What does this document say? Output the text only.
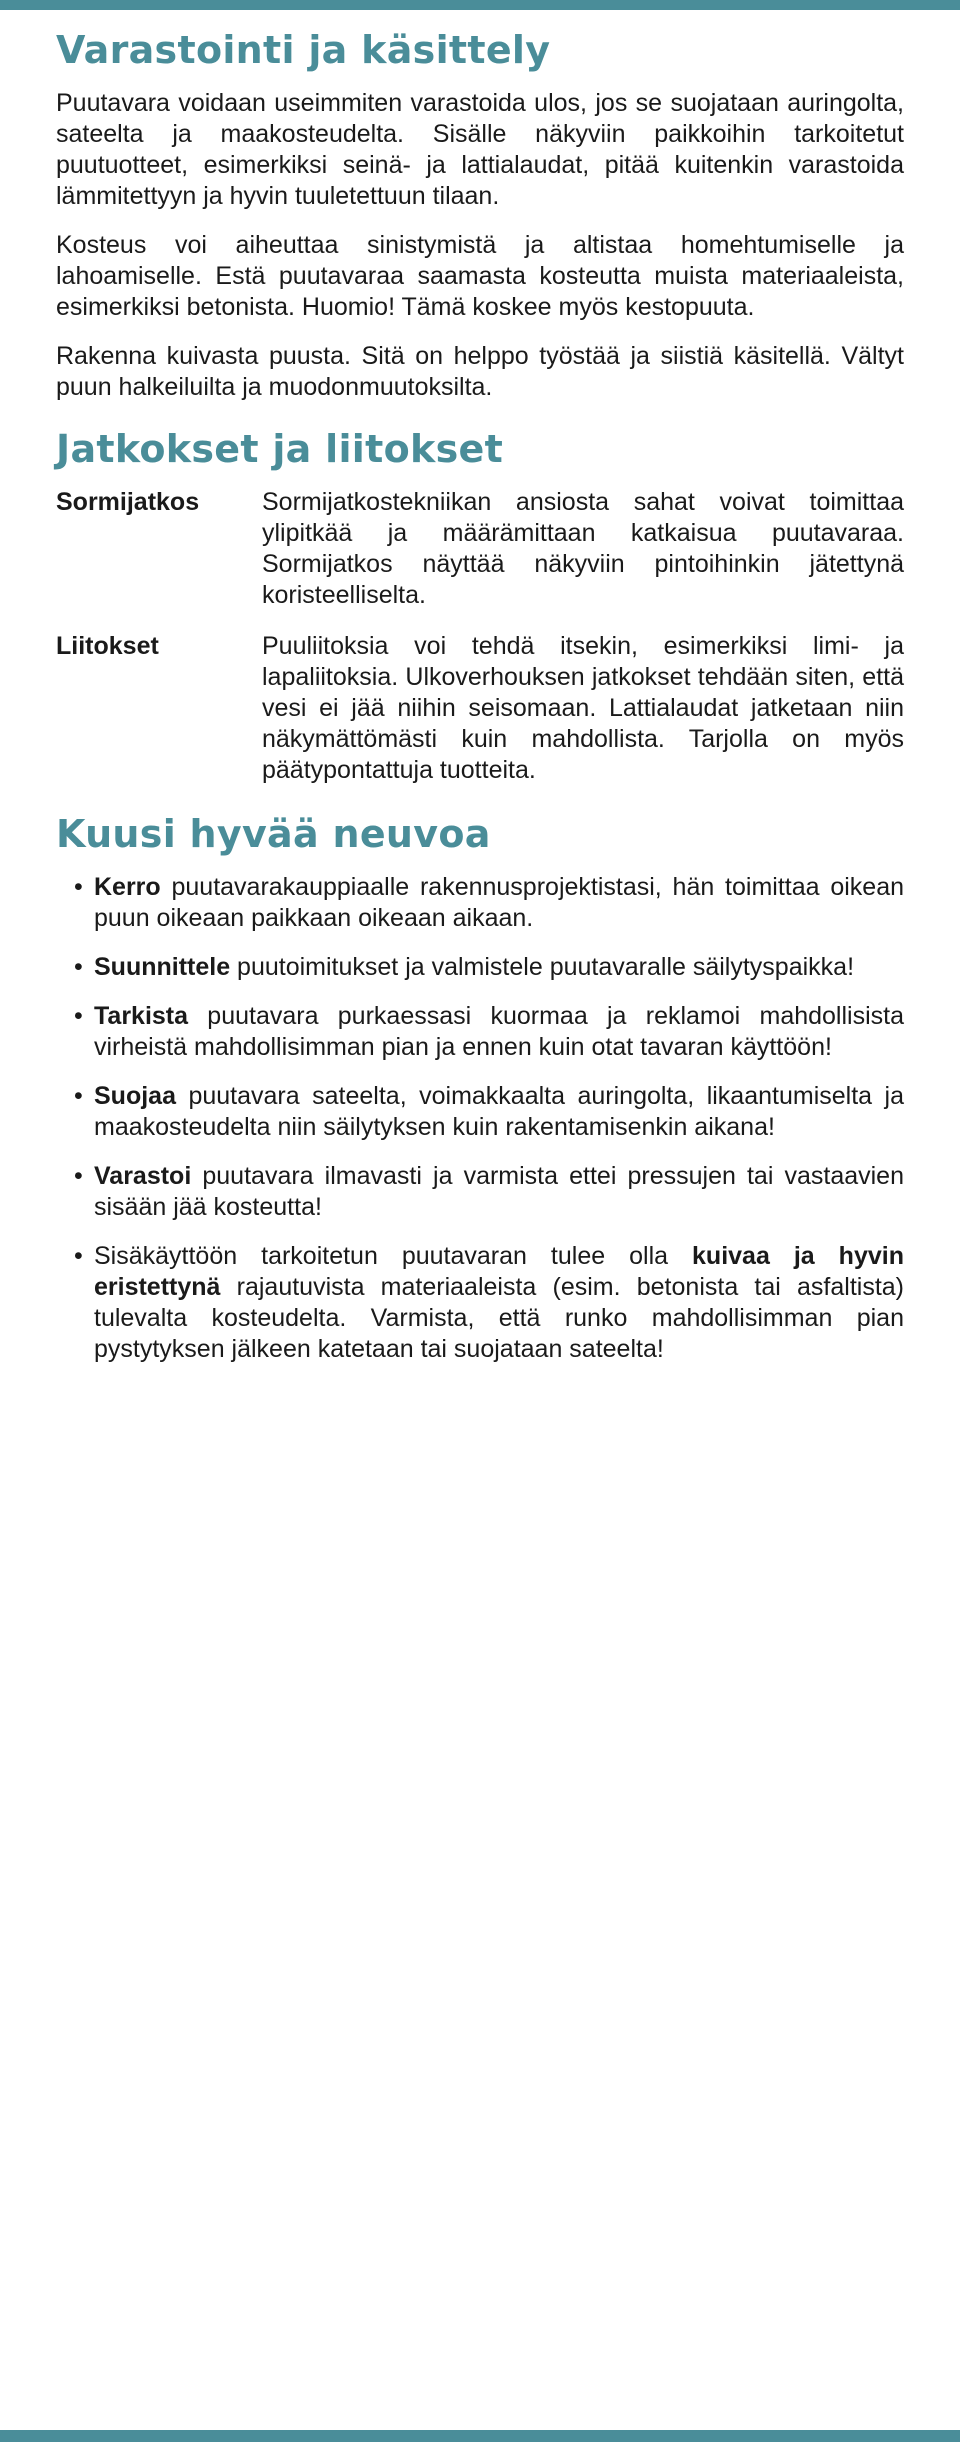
Varastointi ja käsittely

Puutavara voidaan useimmiten varastoida ulos, jos se suojataan auringolta, sateelta ja maakosteudelta. Sisälle näkyviin paikkoihin tarkoitetut puutuotteet, esimerkiksi seinä- ja lattialaudat, pitää kuitenkin varastoida lämmitettyyn ja hyvin tuuletettuun tilaan.

Kosteus voi aiheuttaa sinistymistä ja altistaa homehtumiselle ja lahoamiselle. Estä puutavaraa saamasta kosteutta muista materiaaleista, esimerkiksi betonista. Huomio! Tämä koskee myös kestopuuta.

Rakenna kuivasta puusta. Sitä on helppo työstää ja siistiä käsitellä. Vältyt puun halkeiluilta ja muodonmuutoksilta.

Jatkokset ja liitokset
Sormijatkos	Sormijatkostekniikan ansiosta sahat voivat toimittaa ylipitkää ja määrämittaan katkaisua puutavaraa. Sormijatkos näyttää näkyviin pintoihinkin jätettynä koristeelliselta.
Liitokset	Puuliitoksia voi tehdä itsekin, esimerkiksi limi- ja lapaliitoksia. Ulkoverhouksen jatkokset tehdään siten, että vesi ei jää niihin seisomaan. Lattialaudat jatketaan niin näkymättömästi kuin mahdollista. Tarjolla on myös päätypontattuja tuotteita.
Kuusi hyvää neuvoa
• Kerro puutavarakauppiaalle rakennusprojektistasi, hän toimittaa oikean puun oikeaan paikkaan oikeaan aikaan.
• Suunnittele puutoimitukset ja valmistele puutavaralle säilytyspaikka!
• Tarkista puutavara purkaessasi kuormaa ja reklamoi mahdollisista virheistä mahdollisimman pian ja ennen kuin otat tavaran käyttöön!
• Suojaa puutavara sateelta, voimakkaalta auringolta, likaantumiselta ja maakosteudelta niin säilytyksen kuin rakentamisenkin aikana!
• Varastoi puutavara ilmavasti ja varmista ettei pressujen tai vastaavien sisään jää kosteutta!
• Sisäkäyttöön tarkoitetun puutavaran tulee olla kuivaa ja hyvin eristettynä rajautuvista materiaaleista (esim. betonista tai asfaltista) tulevalta kosteudelta. Varmista, että runko mahdollisimman pian pystytyksen jälkeen katetaan tai suojataan sateelta!
